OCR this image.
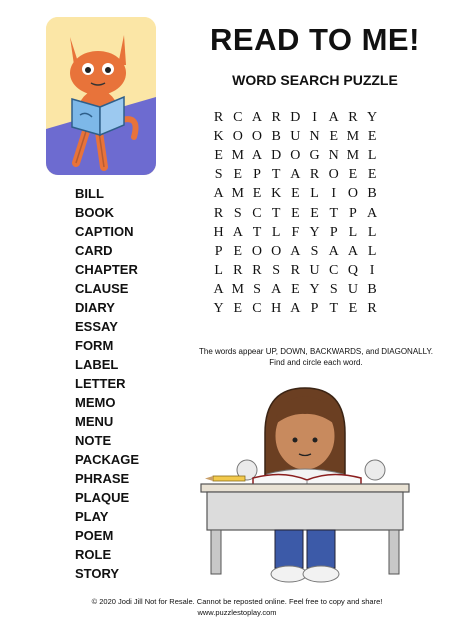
READ TO ME!
WORD SEARCH PUZZLE
R C A R D I A R Y
K O O B U N E M E
E M A D O G N M L
S E P T A R O E E
A M E K E L I O B
R S C T E E T P A
H A T L F Y P L L
P E O O A S A A L
L R R S R U C Q I
A M S A E Y S U B
Y E C H A P T E R
BILL
BOOK
CAPTION
CARD
CHAPTER
CLAUSE
DIARY
ESSAY
FORM
LABEL
LETTER
MEMO
MENU
NOTE
PACKAGE
PHRASE
PLAQUE
PLAY
POEM
ROLE
STORY
The words appear UP, DOWN, BACKWARDS, and DIAGONALLY.
Find and circle each word.
© 2020 Jodi Jill Not for Resale. Cannot be reposted online. Feel free to copy and share!
www.puzzlestoplay.com
